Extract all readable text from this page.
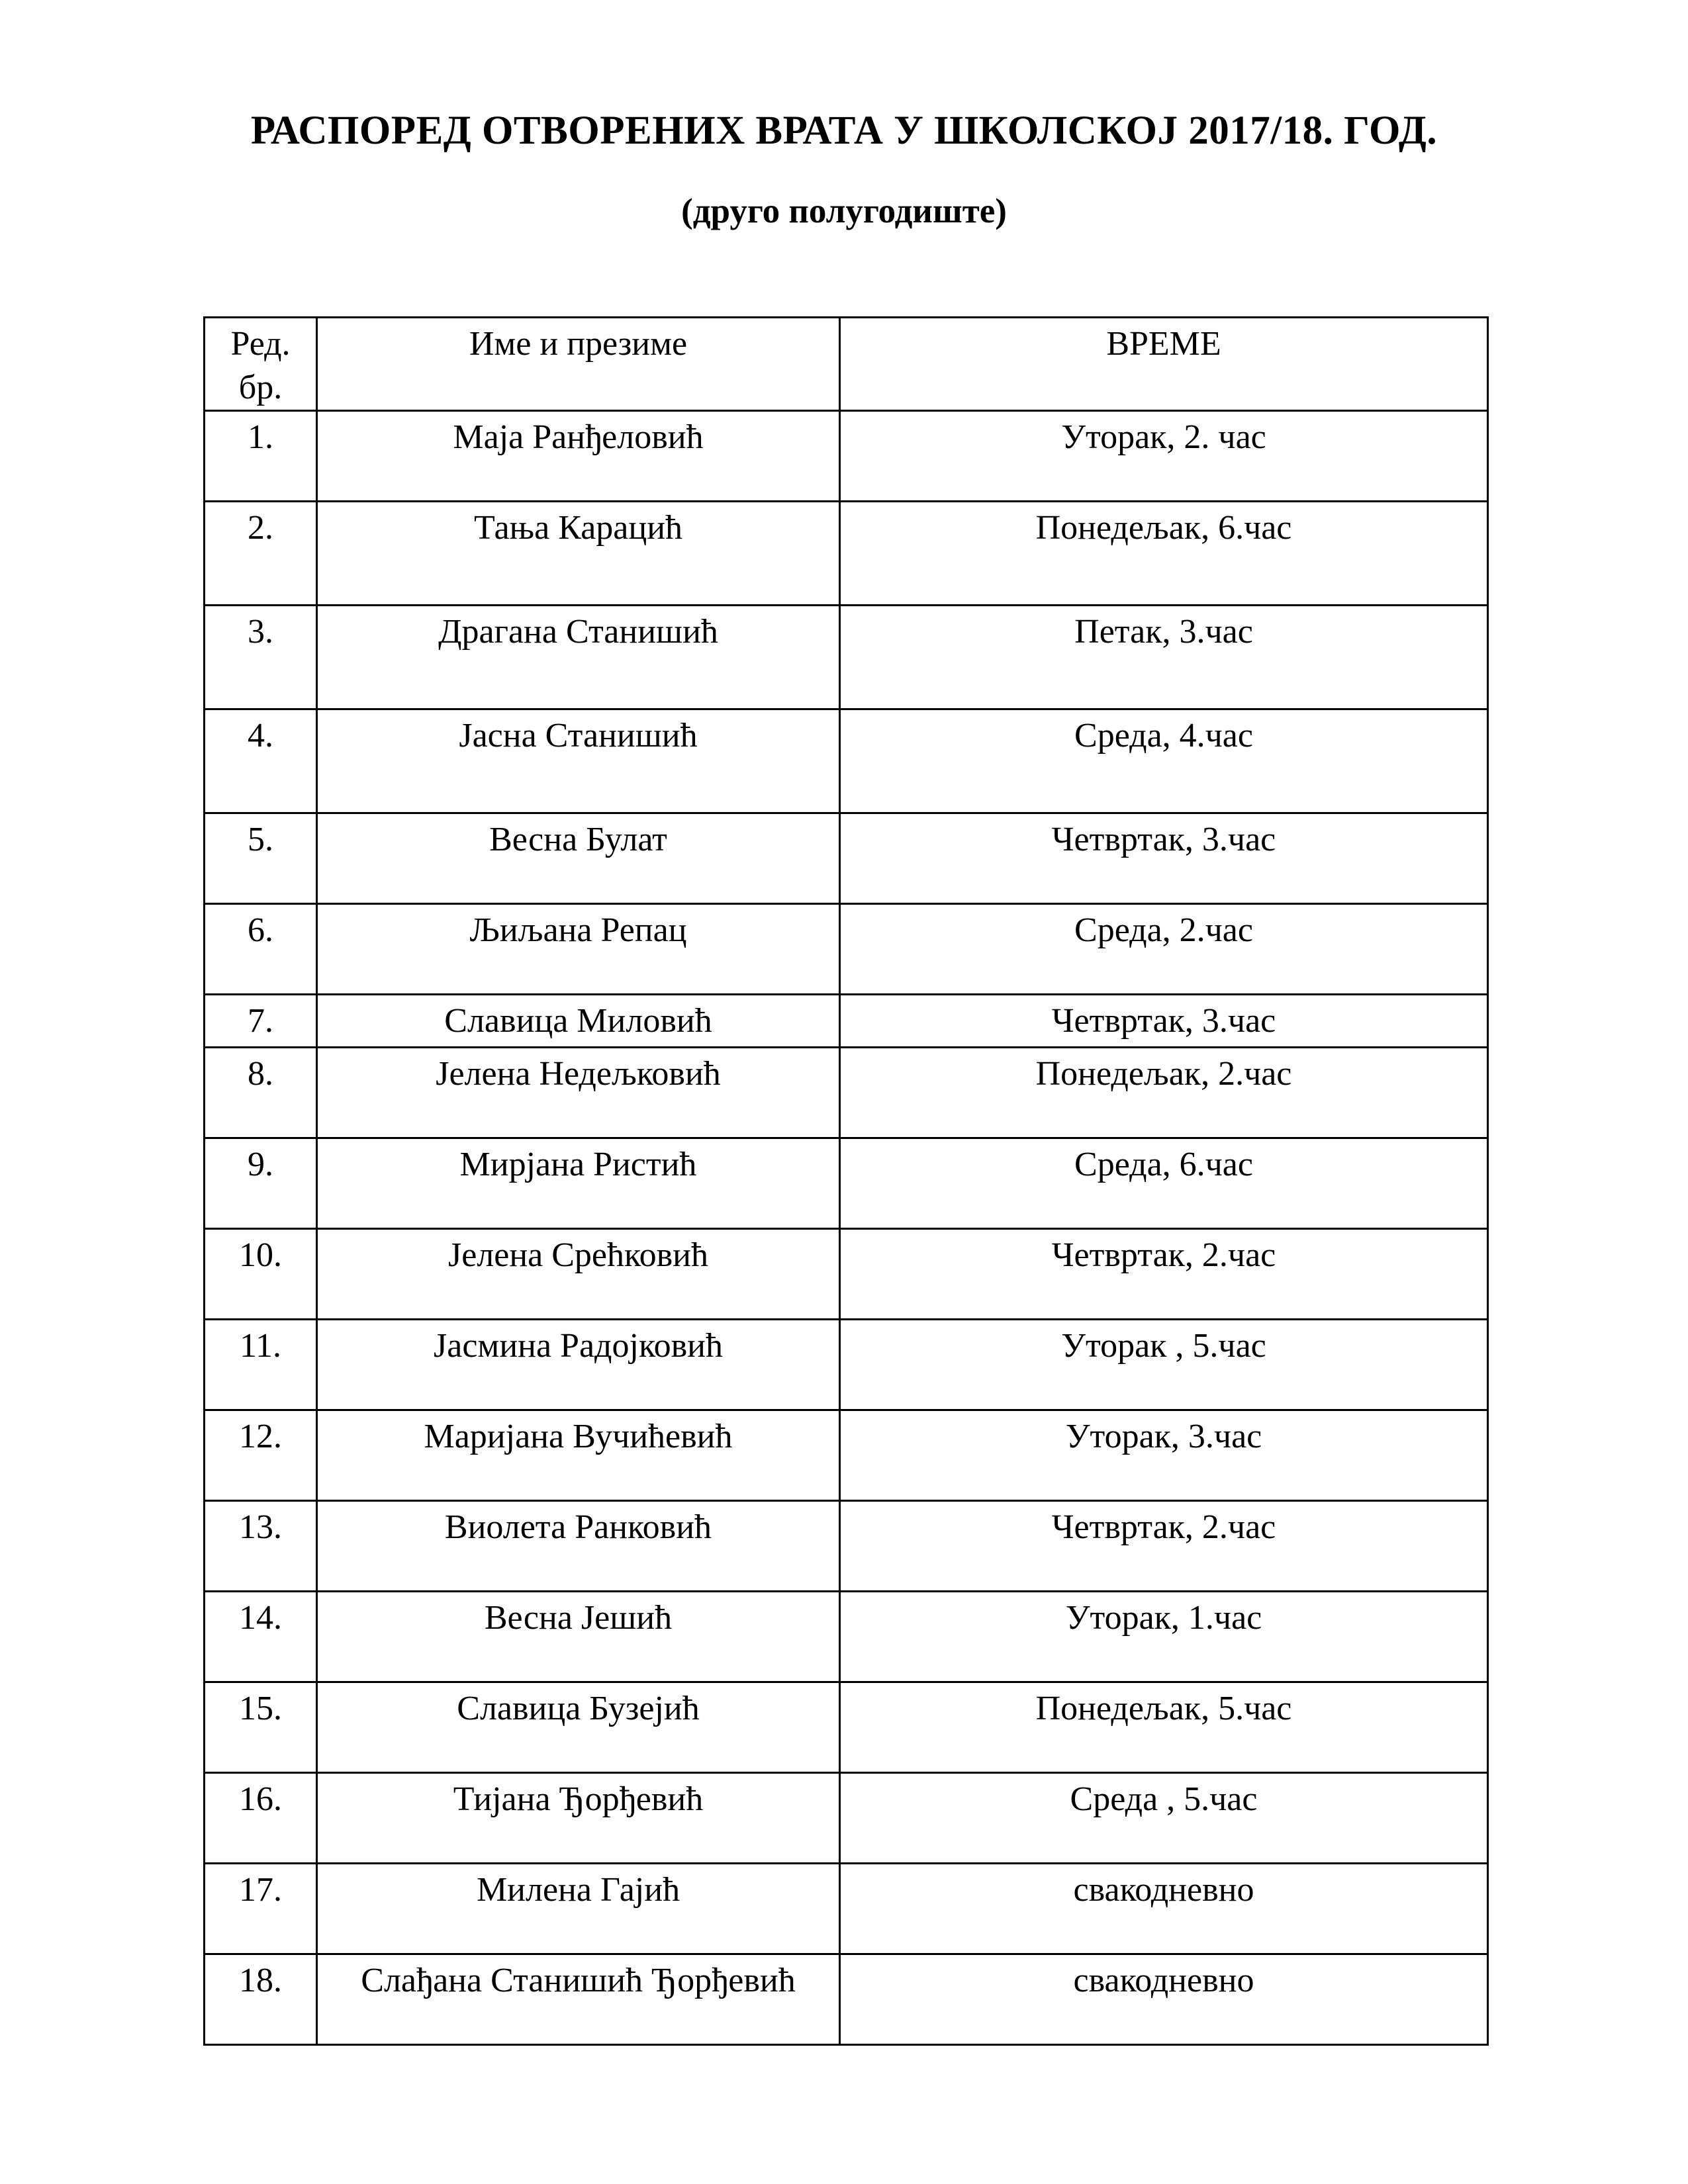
РАСПОРЕД ОТВОРЕНИХ ВРАТА У ШКОЛСКОЈ 2017/18. ГОД.
(друго полугодиште)
Ред. бр.	Име и презиме	ВРЕМЕ
1.	Маја Ранђеловић	Уторак, 2. час
2.	Тања Карацић	Понедељак, 6.час
3.	Драгана Станишић	Петак, 3.час
4.	Јасна Станишић	Среда, 4.час
5.	Весна Булат	Четвртак, 3.час
6.	Љиљана Репац	Среда, 2.час
7.	Славица Миловић	Четвртак, 3.час
8.	Јелена Недељковић	Понедељак, 2.час
9.	Мирјана Ристић	Среда, 6.час
10.	Јелена Срећковић	Четвртак, 2.час
11.	Јасмина Радојковић	Уторак , 5.час
12.	Маријана Вучићевић	Уторак, 3.час
13.	Виолета Ранковић	Четвртак, 2.час
14.	Весна Јешић	Уторак, 1.час
15.	Славица Бузејић	Понедељак, 5.час
16.	Тијана Ђорђевић	Среда , 5.час
17.	Милена Гајић	свакодневно
18.	Слађана Станишић Ђорђевић	свакодневно
